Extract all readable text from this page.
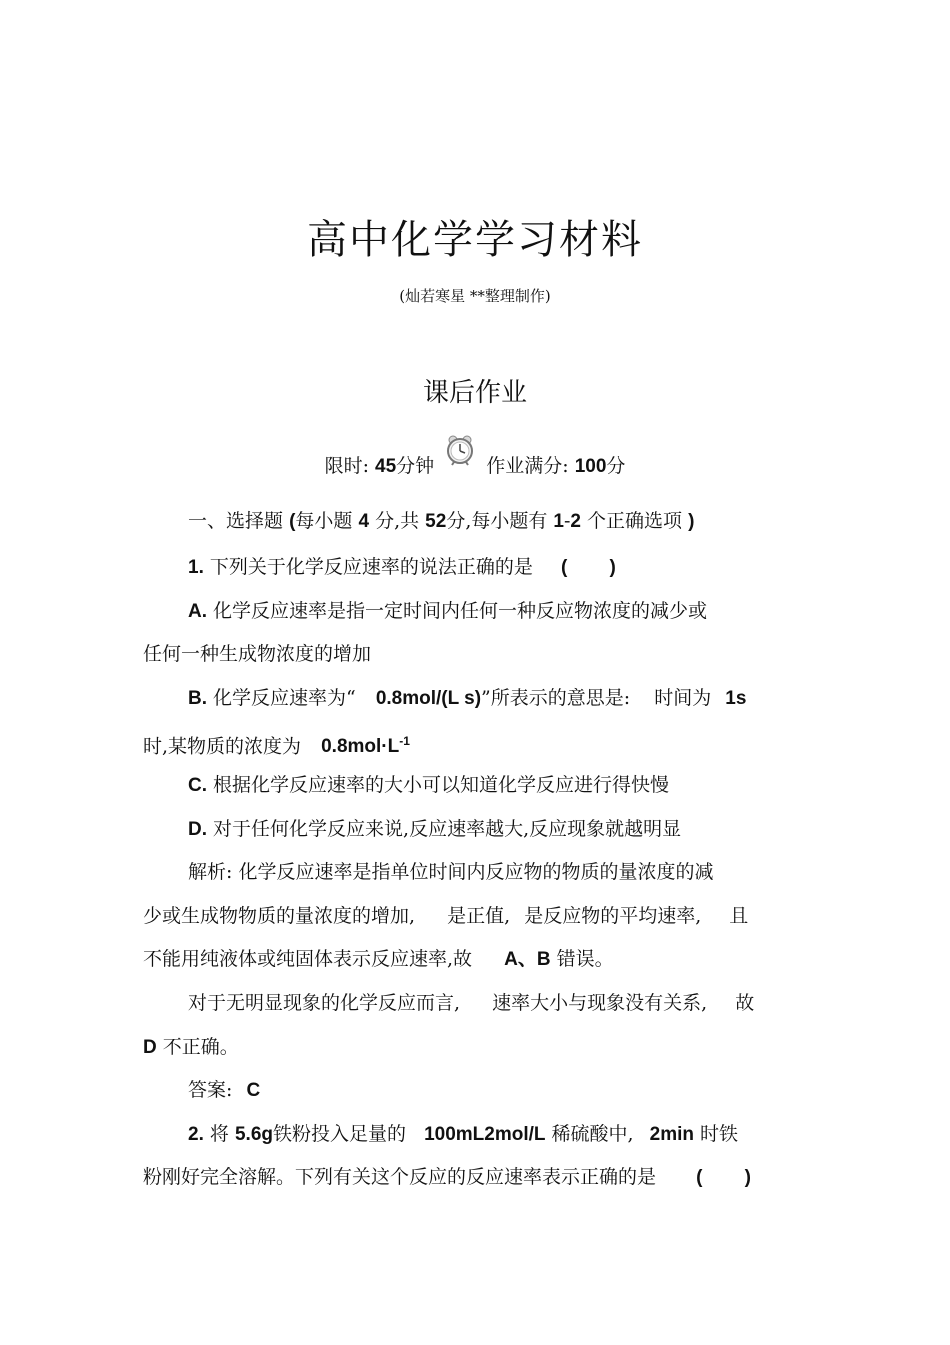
高中化学学习材料
(灿若寒星 **整理制作)
课后作业
限时: 45分钟	作业满分: 100分
一、选择题 (每小题 4 分,共 52分,每小题有 1-2 个正确选项 )
1. 下列关于化学反应速率的说法正确的是 (        )
A. 化学反应速率是指一定时间内任何一种反应物浓度的减少或
任何一种生成物浓度的增加
B. 化学反应速率为“ 0.8mol/(L s)”所表示的意思是: 时间为 1s
时,某物质的浓度为 $0.8mol\cdot L^{-1}$
C. 根据化学反应速率的大小可以知道化学反应进行得快慢
D. 对于任何化学反应来说,反应速率越大,反应现象就越明显
解析: 化学反应速率是指单位时间内反应物的物质的量浓度的减
少或生成物物质的量浓度的增加, 是正值, 是反应物的平均速率, 且
不能用纯液体或纯固体表示反应速率,故 A、B 错误。
对于无明显现象的化学反应而言, 速率大小与现象没有关系, 故
D 不正确。
答案: C
2. 将 5.6g铁粉投入足量的 100mL2mol/L 稀硫酸中, 2min 时铁
粉刚好完全溶解。下列有关这个反应的反应速率表示正确的是 (        )
